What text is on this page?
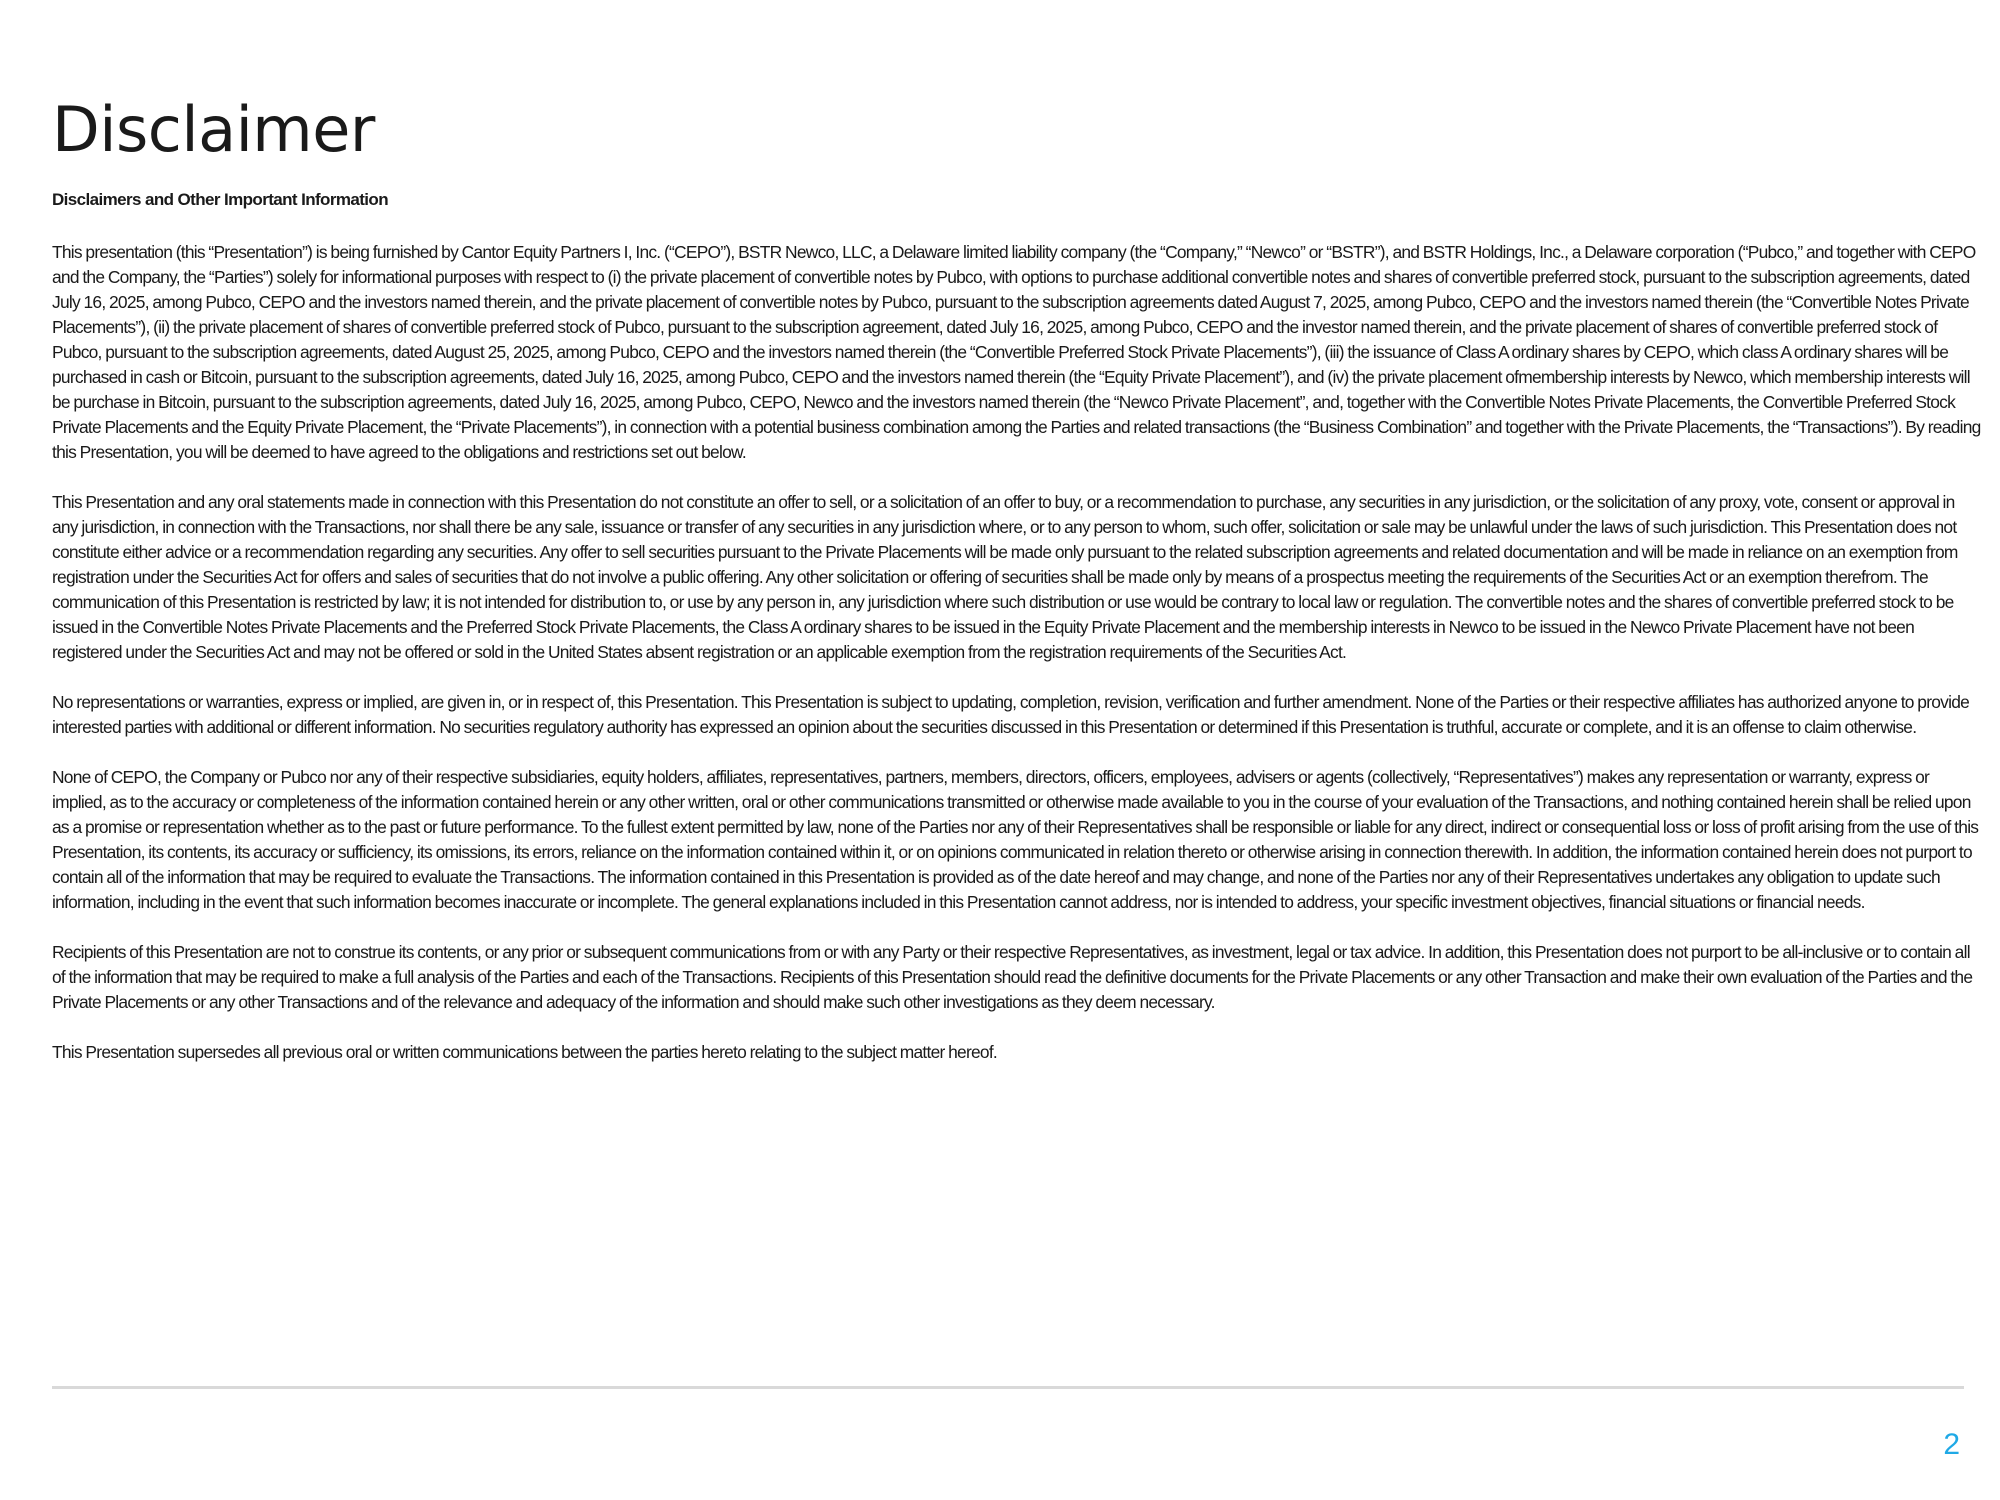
Disclaimer
Disclaimers and Other Important Information

This presentation (this “Presentation”) is being furnished by Cantor Equity Partners I, Inc. (“CEPO”), BSTR Newco, LLC, a Delaware limited liability company (the “Company,” “Newco” or “BSTR”), and BSTR Holdings, Inc., a Delaware corporation (“Pubco,” and together with CEPO and the Company, the “Parties”) solely for informational purposes with respect to (i) the private placement of convertible notes by Pubco, with options to purchase additional convertible notes and shares of convertible preferred stock, pursuant to the subscription agreements, dated July 16, 2025, among Pubco, CEPO and the investors named therein, and the private placement of convertible notes by Pubco, pursuant to the subscription agreements dated August 7, 2025, among Pubco, CEPO and the investors named therein (the “Convertible Notes Private Placements”), (ii) the private placement of shares of convertible preferred stock of Pubco, pursuant to the subscription agreement, dated July 16, 2025, among Pubco, CEPO and the investor named therein, and the private placement of shares of convertible preferred stock of Pubco, pursuant to the subscription agreements, dated August 25, 2025, among Pubco, CEPO and the investors named therein (the “Convertible Preferred Stock Private Placements”), (iii) the issuance of Class A ordinary shares by CEPO, which class A ordinary shares will be purchased in cash or Bitcoin, pursuant to the subscription agreements, dated July 16, 2025, among Pubco, CEPO and the investors named therein (the “Equity Private Placement”), and (iv) the private placement ofmembership interests by Newco, which membership interests will be purchase in Bitcoin, pursuant to the subscription agreements, dated July 16, 2025, among Pubco, CEPO, Newco and the investors named therein (the “Newco Private Placement”, and, together with the Convertible Notes Private Placements, the Convertible Preferred Stock Private Placements and the Equity Private Placement, the “Private Placements”), in connection with a potential business combination among the Parties and related transactions (the “Business Combination” and together with the Private Placements, the “Transactions”). By reading this Presentation, you will be deemed to have agreed to the obligations and restrictions set out below.

This Presentation and any oral statements made in connection with this Presentation do not constitute an offer to sell, or a solicitation of an offer to buy, or a recommendation to purchase, any securities in any jurisdiction, or the solicitation of any proxy, vote, consent or approval in any jurisdiction, in connection with the Transactions, nor shall there be any sale, issuance or transfer of any securities in any jurisdiction where, or to any person to whom, such offer, solicitation or sale may be unlawful under the laws of such jurisdiction. This Presentation does not constitute either advice or a recommendation regarding any securities. Any offer to sell securities pursuant to the Private Placements will be made only pursuant to the related subscription agreements and related documentation and will be made in reliance on an exemption from registration under the Securities Act for offers and sales of securities that do not involve a public offering. Any other solicitation or offering of securities shall be made only by means of a prospectus meeting the requirements of the Securities Act or an exemption therefrom. The communication of this Presentation is restricted by law; it is not intended for distribution to, or use by any person in, any jurisdiction where such distribution or use would be contrary to local law or regulation. The convertible notes and the shares of convertible preferred stock to be issued in the Convertible Notes Private Placements and the Preferred Stock Private Placements, the Class A ordinary shares to be issued in the Equity Private Placement and the membership interests in Newco to be issued in the Newco Private Placement have not been registered under the Securities Act and may not be offered or sold in the United States absent registration or an applicable exemption from the registration requirements of the Securities Act.

No representations or warranties, express or implied, are given in, or in respect of, this Presentation. This Presentation is subject to updating, completion, revision, verification and further amendment. None of the Parties or their respective affiliates has authorized anyone to provide interested parties with additional or different information. No securities regulatory authority has expressed an opinion about the securities discussed in this Presentation or determined if this Presentation is truthful, accurate or complete, and it is an offense to claim otherwise.

None of CEPO, the Company or Pubco nor any of their respective subsidiaries, equity holders, affiliates, representatives, partners, members, directors, officers, employees, advisers or agents (collectively, “Representatives”) makes any representation or warranty, express or implied, as to the accuracy or completeness of the information contained herein or any other written, oral or other communications transmitted or otherwise made available to you in the course of your evaluation of the Transactions, and nothing contained herein shall be relied upon as a promise or representation whether as to the past or future performance. To the fullest extent permitted by law, none of the Parties nor any of their Representatives shall be responsible or liable for any direct, indirect or consequential loss or loss of profit arising from the use of this Presentation, its contents, its accuracy or sufficiency, its omissions, its errors, reliance on the information contained within it, or on opinions communicated in relation thereto or otherwise arising in connection therewith. In addition, the information contained herein does not purport to contain all of the information that may be required to evaluate the Transactions. The information contained in this Presentation is provided as of the date hereof and may change, and none of the Parties nor any of their Representatives undertakes any obligation to update such information, including in the event that such information becomes inaccurate or incomplete. The general explanations included in this Presentation cannot address, nor is intended to address, your specific investment objectives, financial situations or financial needs.

Recipients of this Presentation are not to construe its contents, or any prior or subsequent communications from or with any Party or their respective Representatives, as investment, legal or tax advice. In addition, this Presentation does not purport to be all-inclusive or to contain all of the information that may be required to make a full analysis of the Parties and each of the Transactions. Recipients of this Presentation should read the definitive documents for the Private Placements or any other Transaction and make their own evaluation of the Parties and the Private Placements or any other Transactions and of the relevance and adequacy of the information and should make such other investigations as they deem necessary.

This Presentation supersedes all previous oral or written communications between the parties hereto relating to the subject matter hereof.

2
